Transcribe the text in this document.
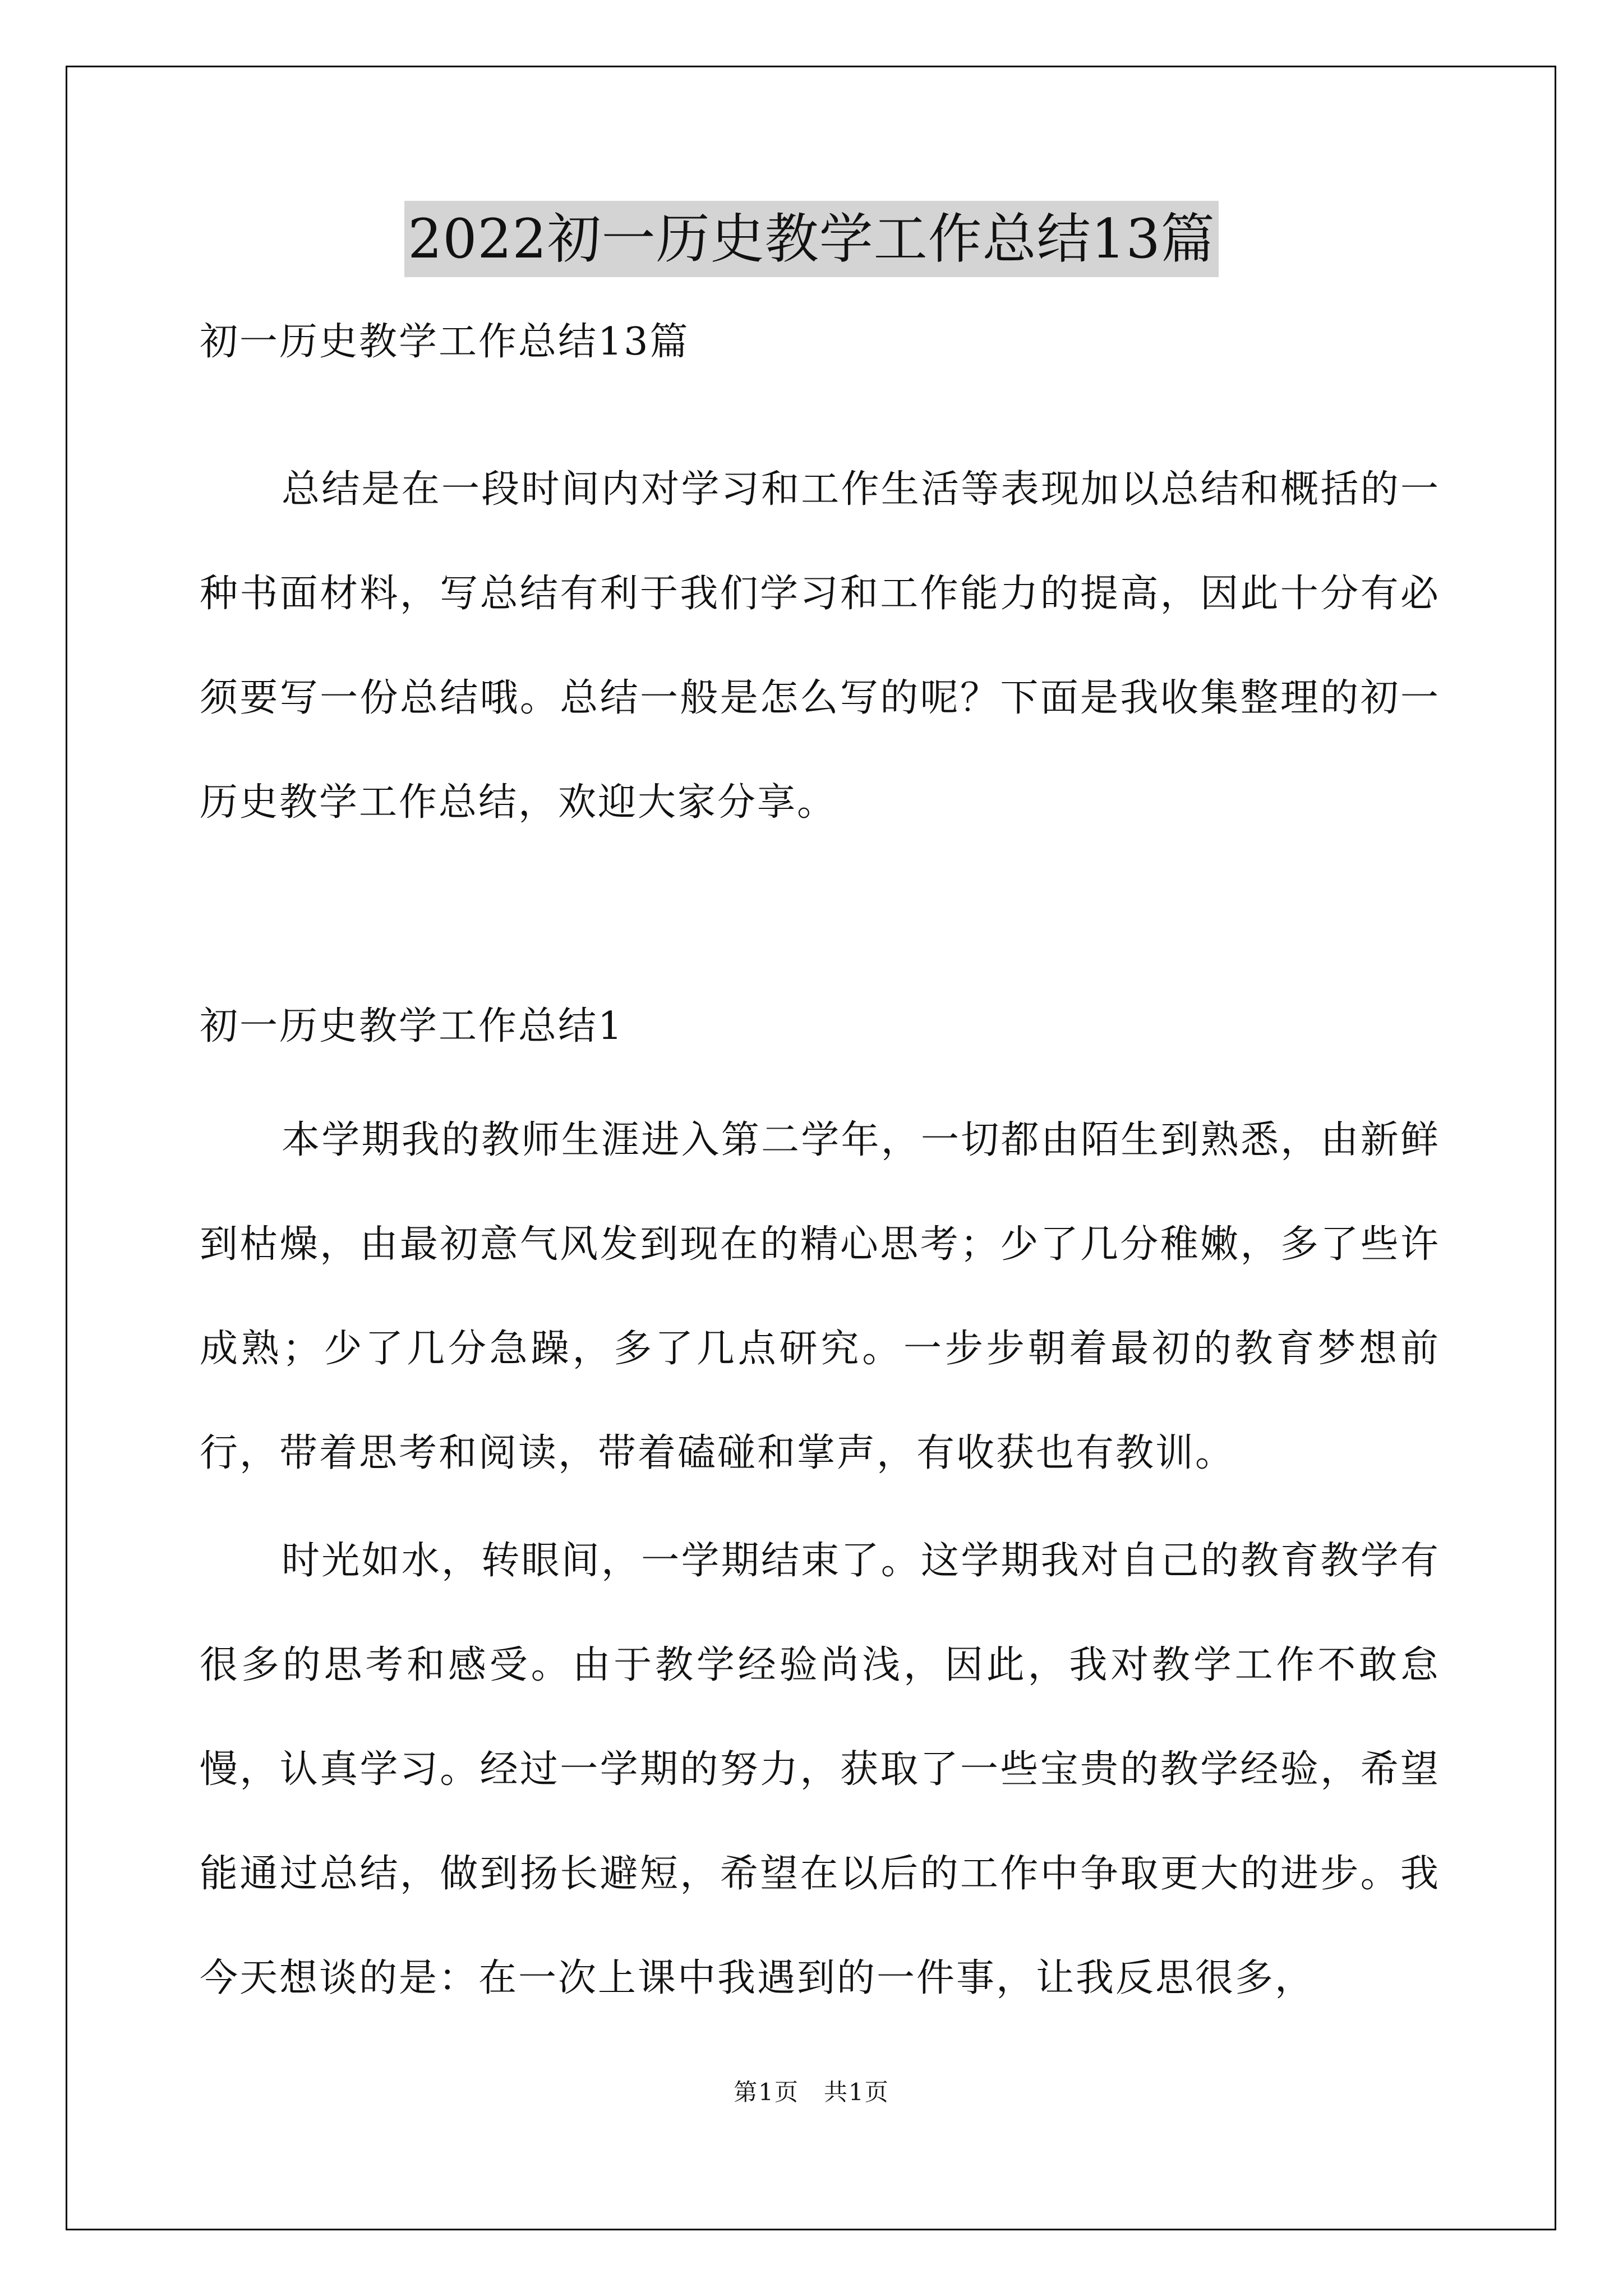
2022初一历史教学工作总结13篇
初一历史教学工作总结13篇
总结是在一段时间内对学习和工作生活等表现加以总结和概括的一种书面材料，写总结有利于我们学习和工作能力的提高，因此十分有必须要写一份总结哦。总结一般是怎么写的呢？下面是我收集整理的初一历史教学工作总结，欢迎大家分享。
初一历史教学工作总结1
本学期我的教师生涯进入第二学年，一切都由陌生到熟悉，由新鲜到枯燥，由最初意气风发到现在的精心思考；少了几分稚嫩，多了些许成熟；少了几分急躁，多了几点研究。一步步朝着最初的教育梦想前行，带着思考和阅读，带着磕碰和掌声，有收获也有教训。
时光如水，转眼间，一学期结束了。这学期我对自己的教育教学有很多的思考和感受。由于教学经验尚浅，因此，我对教学工作不敢怠慢，认真学习。经过一学期的努力，获取了一些宝贵的教学经验，希望能通过总结，做到扬长避短，希望在以后的工作中争取更大的进步。我今天想谈的是：在一次上课中我遇到的一件事，让我反思很多，
第1页　共1页
